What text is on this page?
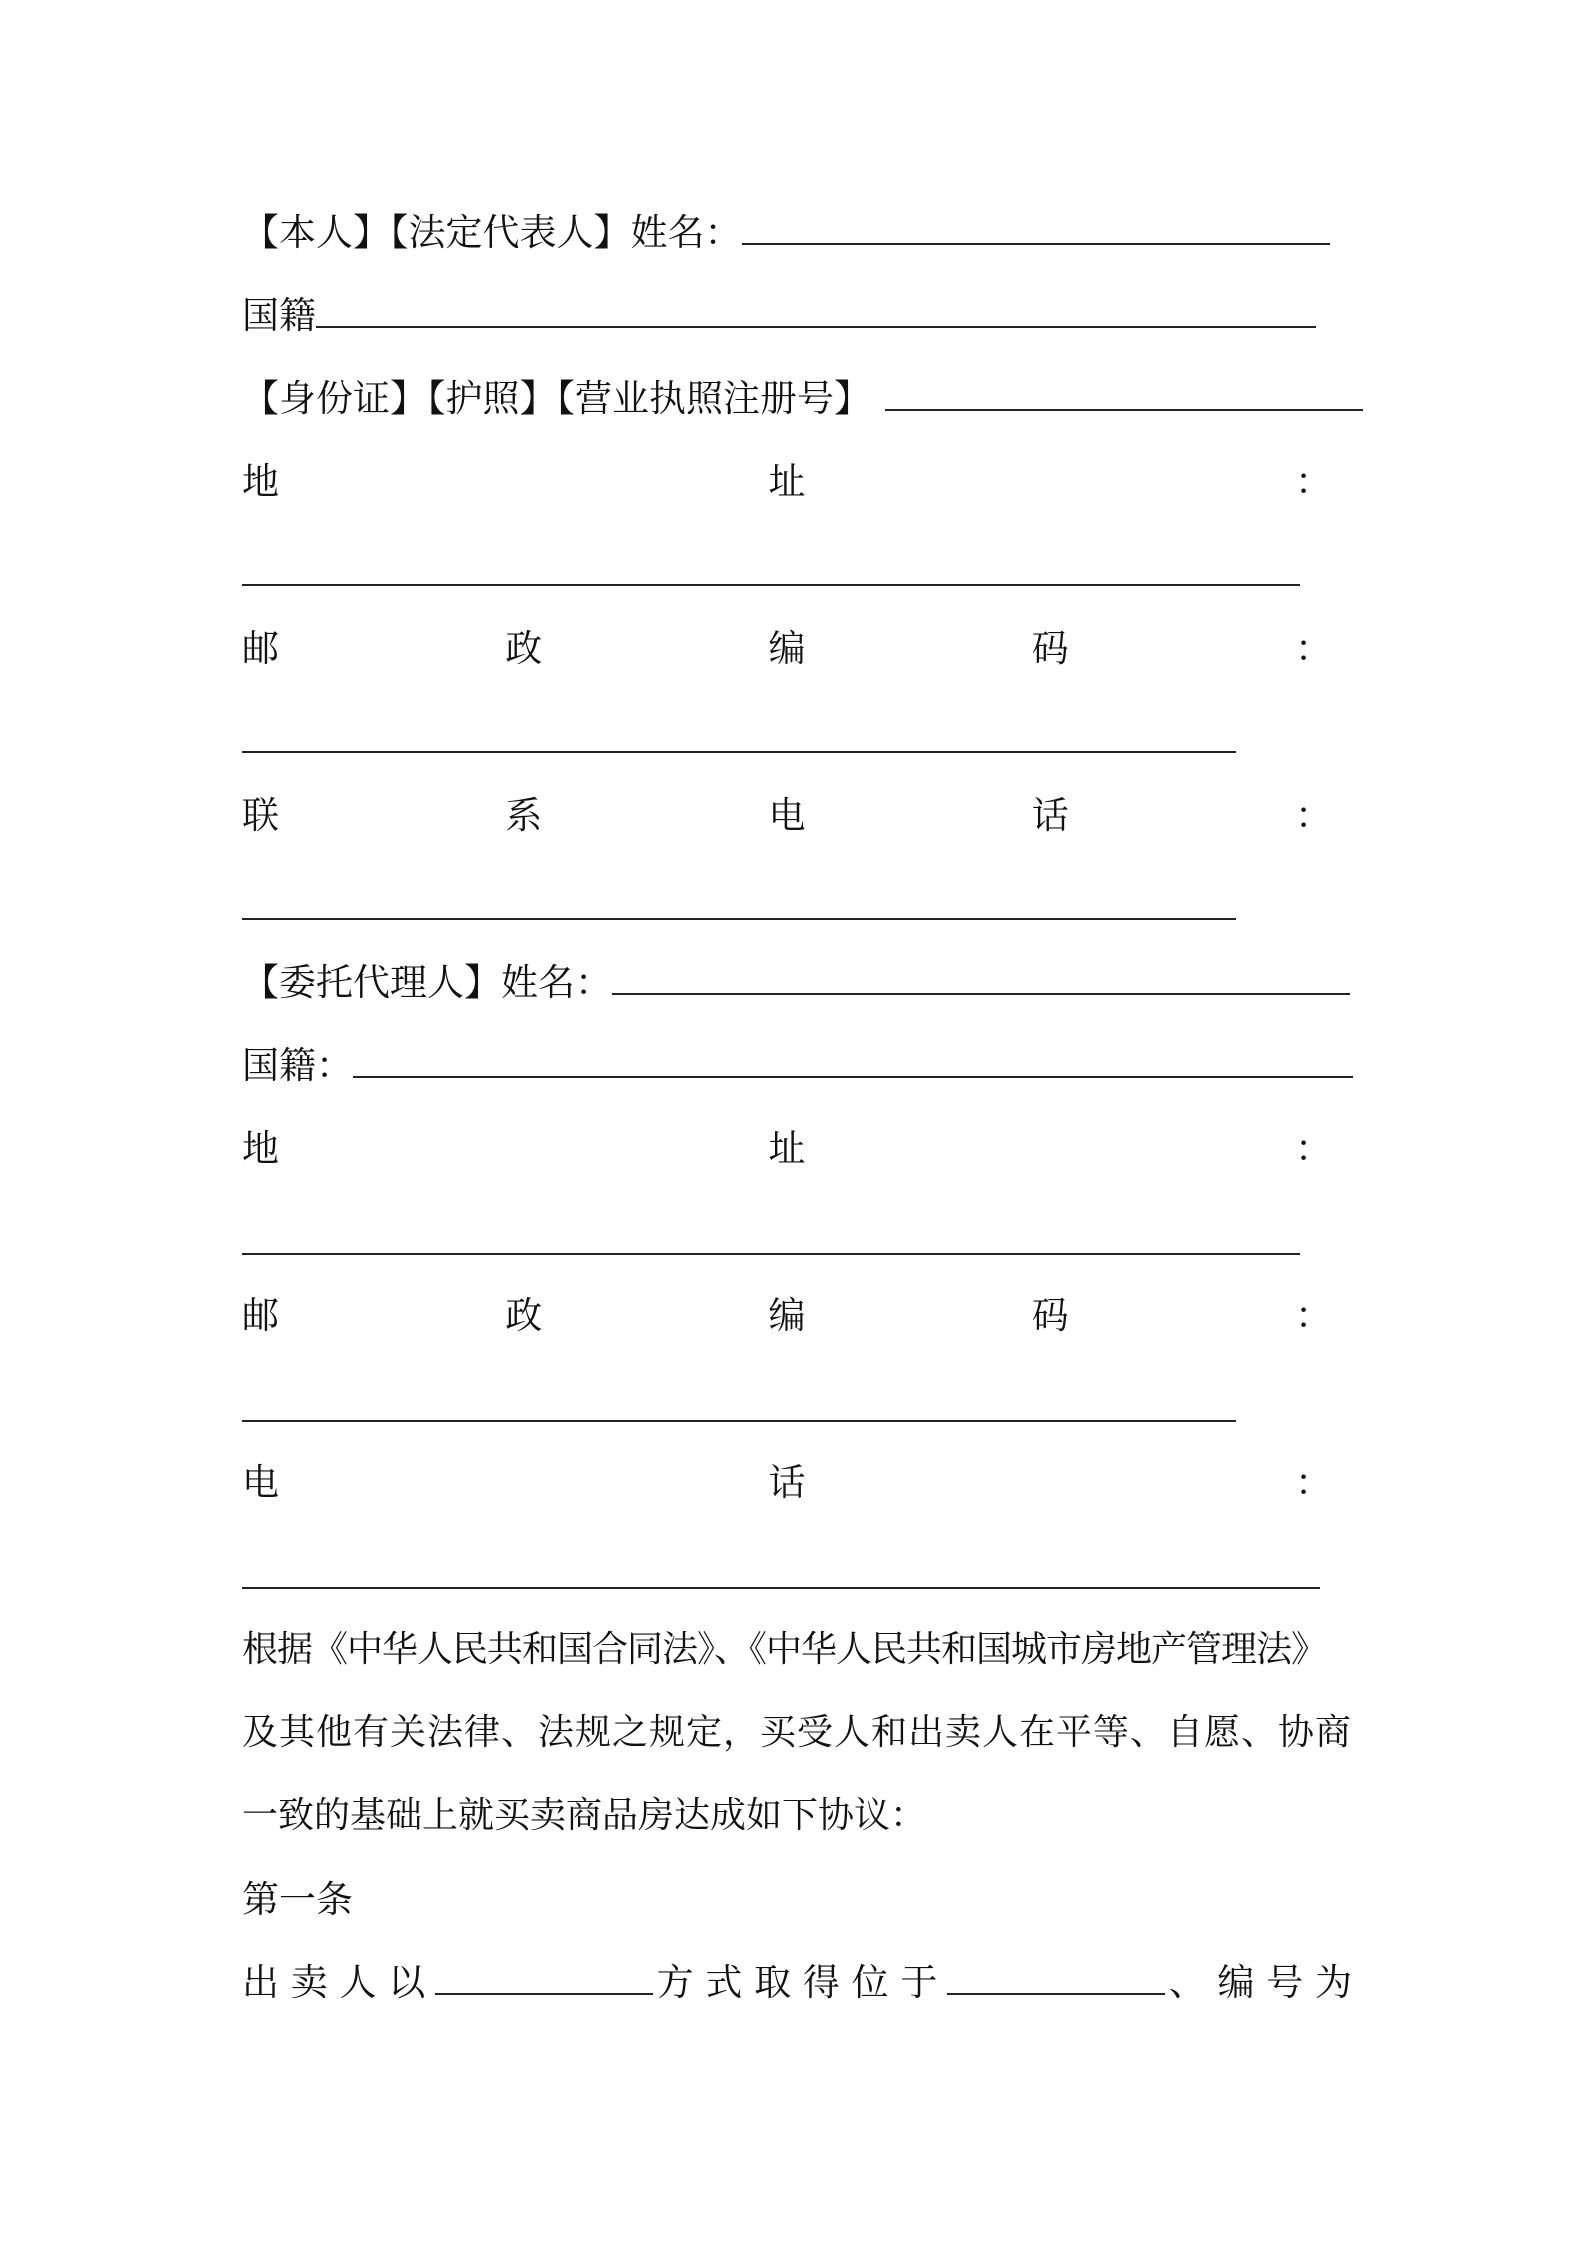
【本人】【法定代表人】姓名：
国籍
【身份证】【护照】【营业执照注册号】
地	址	：
邮	政	编	码	：
联	系	电	话	：
【委托代理人】姓名：
国籍：
地	址	：
邮	政	编	码	：
电	话	：
根据《中华人民共和国合同法》、《中华人民共和国城市房地产管理法》
及其他有关法律、法规之规定，买受人和出卖人在平等、自愿、协商
一致的基础上就买卖商品房达成如下协议：
第一条
出 卖 人 以	方 式 取 得 位 于	、 编 号 为
